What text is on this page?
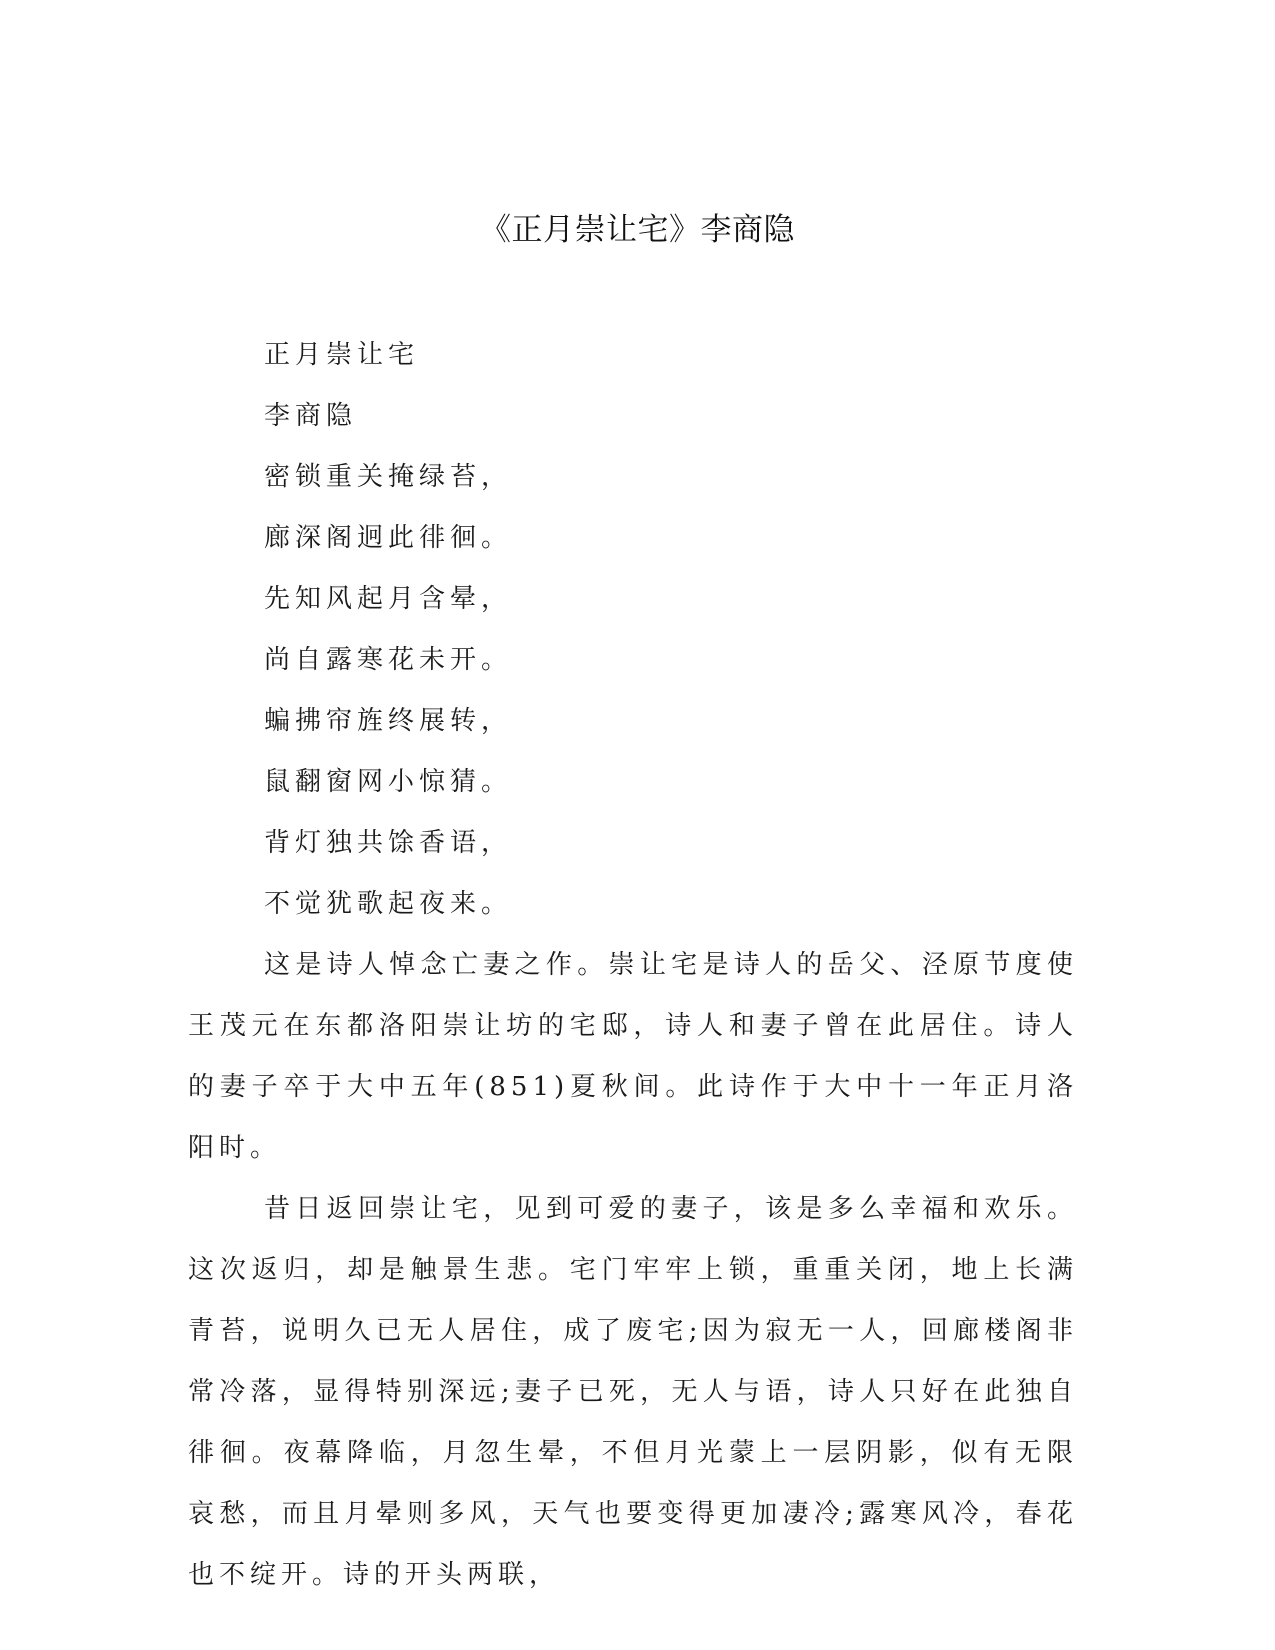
《正月崇让宅》李商隐

正月崇让宅

李商隐

密锁重关掩绿苔，

廊深阁迥此徘徊。

先知风起月含晕，

尚自露寒花未开。

蝙拂帘旌终展转，

鼠翻窗网小惊猜。

背灯独共馀香语，

不觉犹歌起夜来。

这是诗人悼念亡妻之作。崇让宅是诗人的岳父、泾原节度使王茂元在东都洛阳崇让坊的宅邸，诗人和妻子曾在此居住。诗人的妻子卒于大中五年(851)夏秋间。此诗作于大中十一年正月洛阳时。

昔日返回崇让宅，见到可爱的妻子，该是多么幸福和欢乐。这次返归，却是触景生悲。宅门牢牢上锁，重重关闭，地上长满青苔，说明久已无人居住，成了废宅;因为寂无一人，回廊楼阁非常冷落，显得特别深远;妻子已死，无人与语，诗人只好在此独自徘徊。夜幕降临，月忽生晕，不但月光蒙上一层阴影，似有无限哀愁，而且月晕则多风，天气也要变得更加凄冷;露寒风冷，春花也不绽开。诗的开头两联，
